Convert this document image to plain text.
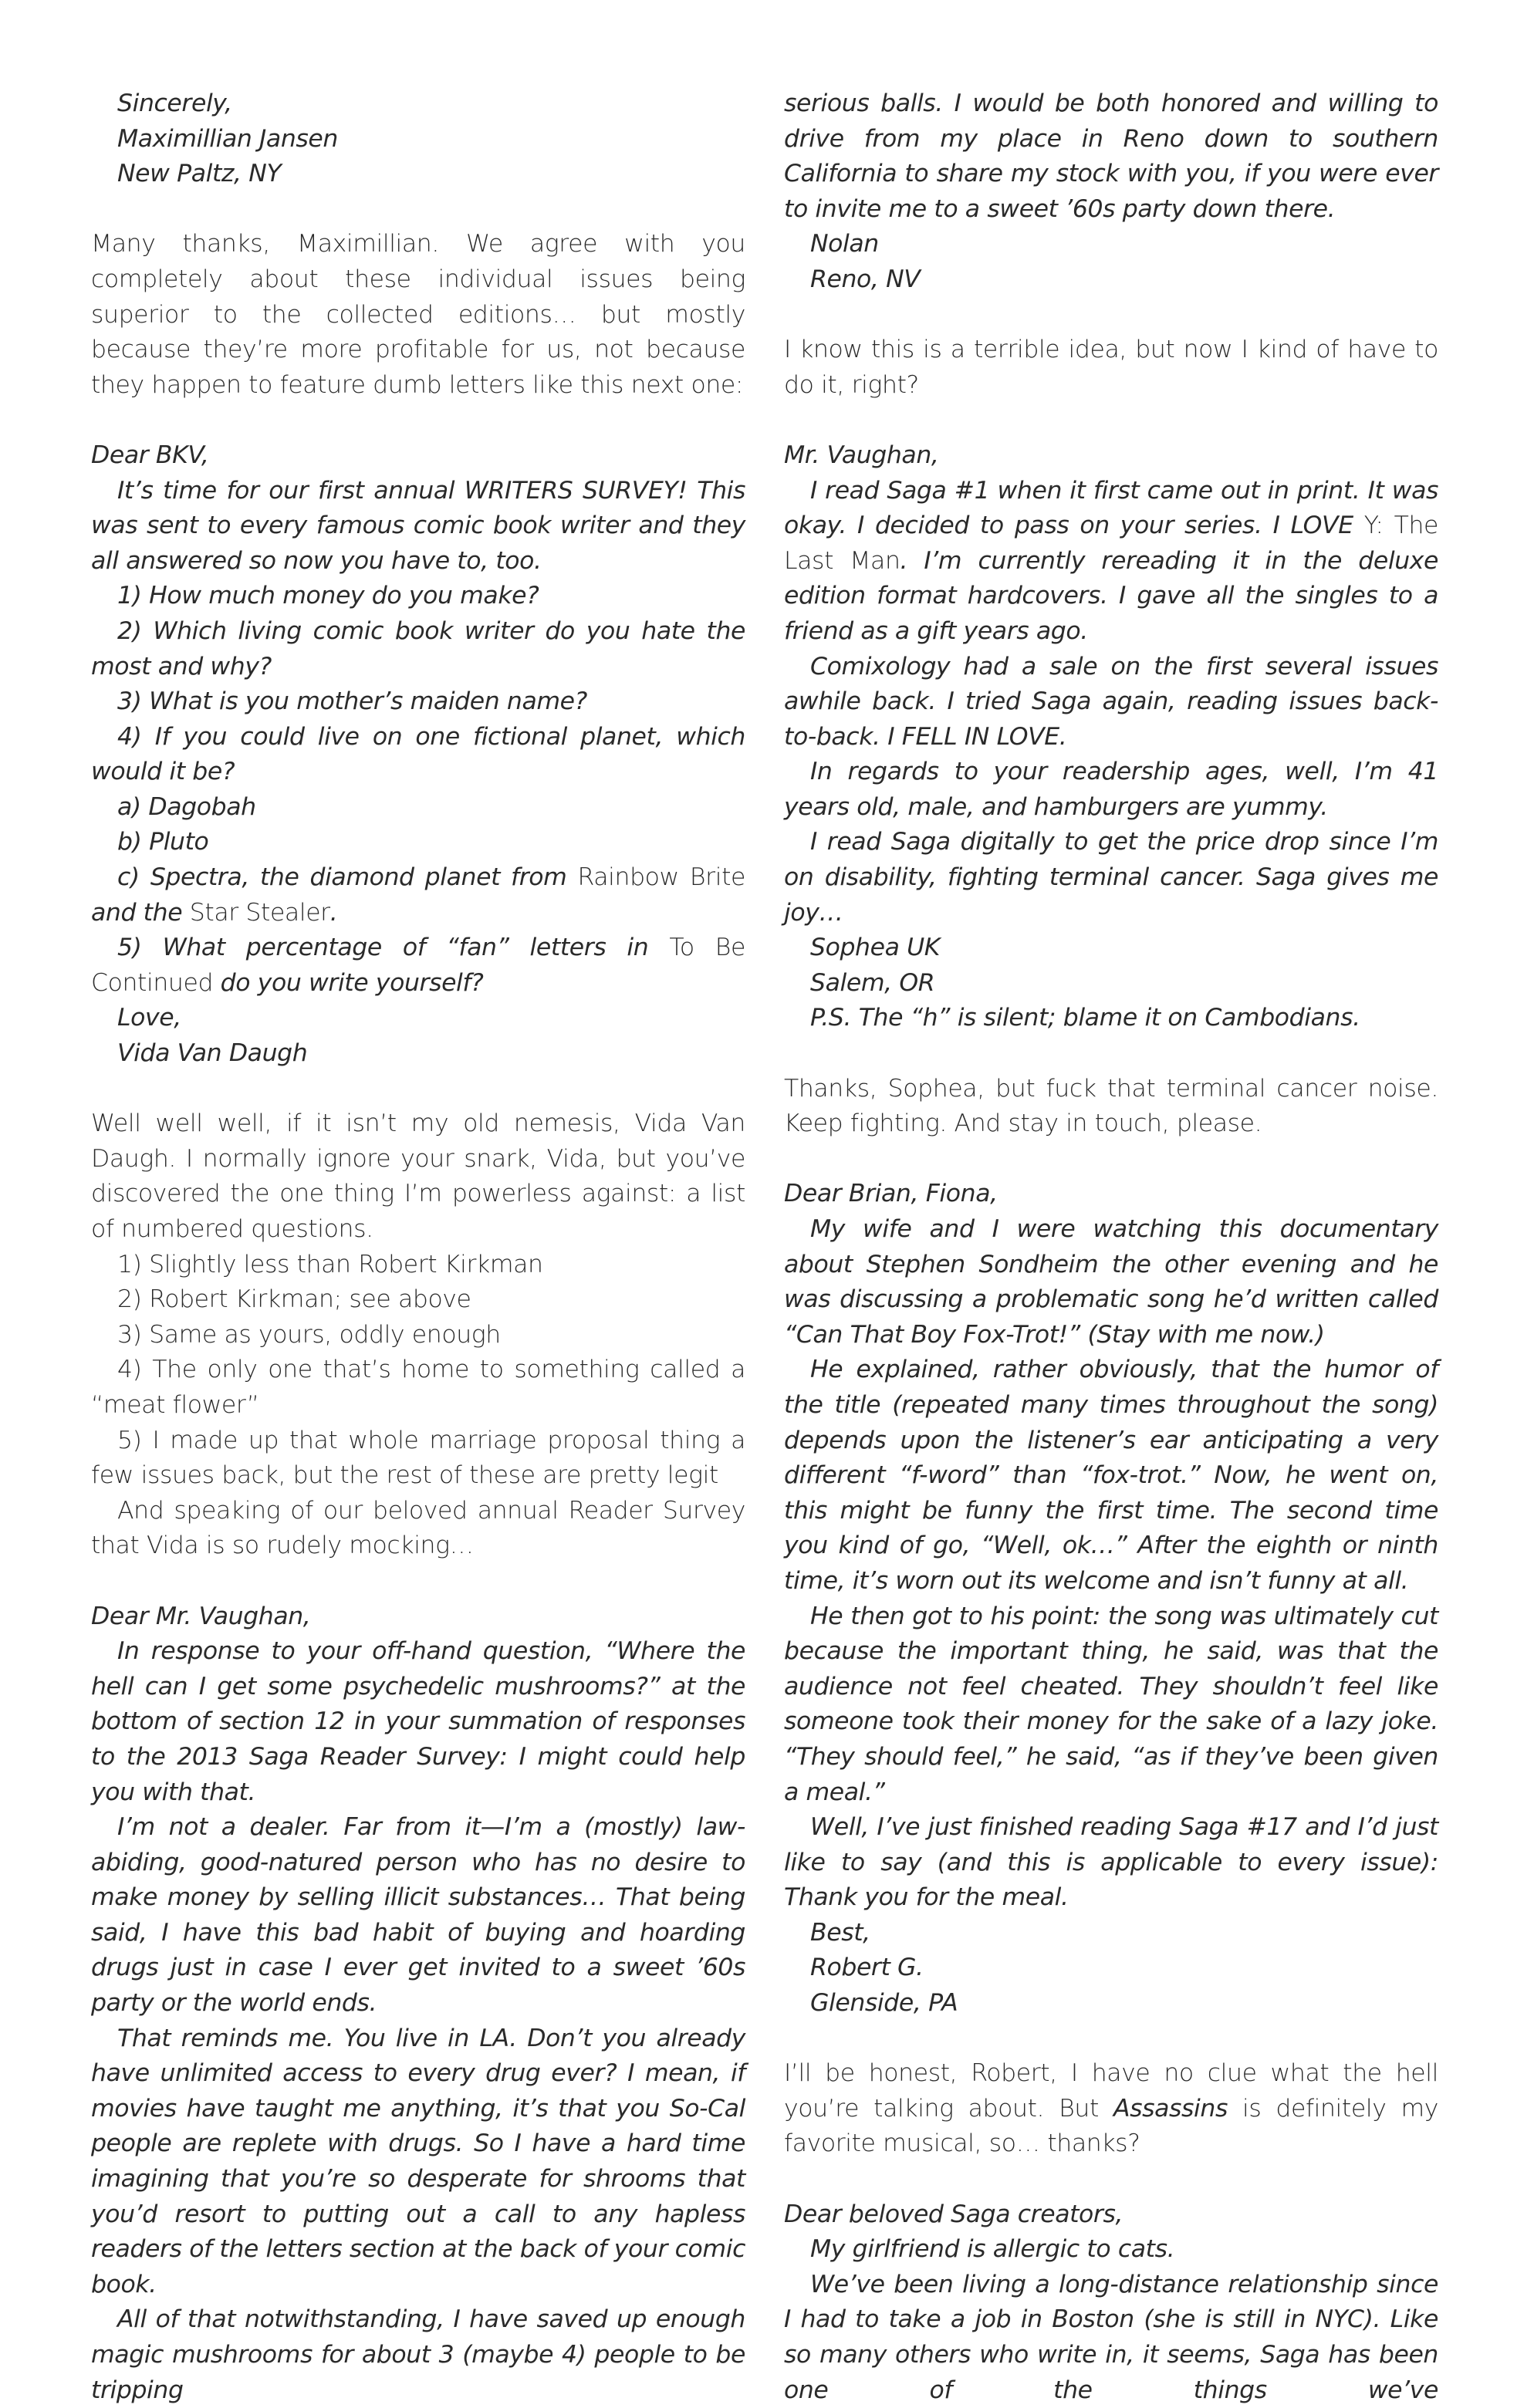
Sincerely,

Maximillian Jansen

New Paltz, NY

Many thanks, Maximillian. We agree with you completely about these individual issues being superior to the collected editions… but mostly because they’re more profitable for us, not because they happen to feature dumb letters like this next one:

Dear BKV,

It’s time for our first annual WRITERS SURVEY! This was sent to every famous comic book writer and they all answered so now you have to, too.

1) How much money do you make?

2) Which living comic book writer do you hate the most and why?

3) What is you mother’s maiden name?

4) If you could live on one fictional planet, which would it be?

a) Dagobah

b) Pluto

c) Spectra, the diamond planet from Rainbow Brite and the Star Stealer.

5) What percentage of “fan” letters in To Be Continued do you write yourself?

Love,

Vida Van Daugh

Well well well, if it isn’t my old nemesis, Vida Van Daugh. I normally ignore your snark, Vida, but you’ve discovered the one thing I’m powerless against: a list of numbered questions.

1) Slightly less than Robert Kirkman

2) Robert Kirkman; see above

3) Same as yours, oddly enough

4) The only one that’s home to something called a “meat flower”

5) I made up that whole marriage proposal thing a few issues back, but the rest of these are pretty legit

And speaking of our beloved annual Reader Survey that Vida is so rudely mocking…

Dear Mr. Vaughan,

In response to your off-hand question, “Where the hell can I get some psychedelic mushrooms?” at the bottom of section 12 in your summation of responses to the 2013 Saga Reader Survey: I might could help you with that.

I’m not a dealer. Far from it—I’m a (mostly) law-abiding, good-natured person who has no desire to make money by selling illicit substances… That being said, I have this bad habit of buying and hoarding drugs just in case I ever get invited to a sweet ’60s party or the world ends.

That reminds me. You live in LA. Don’t you already have unlimited access to every drug ever? I mean, if movies have taught me anything, it’s that you So-Cal people are replete with drugs. So I have a hard time imagining that you’re so desperate for shrooms that you’d resort to putting out a call to any hapless readers of the letters section at the back of your comic book.

All of that notwithstanding, I have saved up enough magic mushrooms for about 3 (maybe 4) people to be tripping

serious balls. I would be both honored and willing to drive from my place in Reno down to southern California to share my stock with you, if you were ever to invite me to a sweet ’60s party down there.

Nolan

Reno, NV

I know this is a terrible idea, but now I kind of have to do it, right?

Mr. Vaughan,

I read Saga #1 when it first came out in print. It was okay. I decided to pass on your series. I LOVE Y: The Last Man. I’m currently rereading it in the deluxe edition format hardcovers. I gave all the singles to a friend as a gift years ago.

Comixology had a sale on the first several issues awhile back. I tried Saga again, reading issues back-to-back. I FELL IN LOVE.

In regards to your readership ages, well, I’m 41 years old, male, and hamburgers are yummy.

I read Saga digitally to get the price drop since I’m on disability, fighting terminal cancer. Saga gives me joy…

Sophea UK

Salem, OR

P.S. The “h” is silent; blame it on Cambodians.

Thanks, Sophea, but fuck that terminal cancer noise. Keep fighting. And stay in touch, please.

Dear Brian, Fiona,

My wife and I were watching this documentary about Stephen Sondheim the other evening and he was discussing a problematic song he’d written called “Can That Boy Fox-Trot!” (Stay with me now.)

He explained, rather obviously, that the humor of the title (repeated many times throughout the song) depends upon the listener’s ear anticipating a very different “f-word” than “fox-trot.” Now, he went on, this might be funny the first time. The second time you kind of go, “Well, ok…” After the eighth or ninth time, it’s worn out its welcome and isn’t funny at all.

He then got to his point: the song was ultimately cut because the important thing, he said, was that the audience not feel cheated. They shouldn’t feel like someone took their money for the sake of a lazy joke. “They should feel,” he said, “as if they’ve been given a meal.”

Well, I’ve just finished reading Saga #17 and I’d just like to say (and this is applicable to every issue): Thank you for the meal.

Best,

Robert G.

Glenside, PA

I’ll be honest, Robert, I have no clue what the hell you’re talking about. But Assassins is definitely my favorite musical, so… thanks?

Dear beloved Saga creators,

My girlfriend is allergic to cats.

We’ve been living a long-distance relationship since I had to take a job in Boston (she is still in NYC). Like so many others who write in, it seems, Saga has been one of the things we’ve
